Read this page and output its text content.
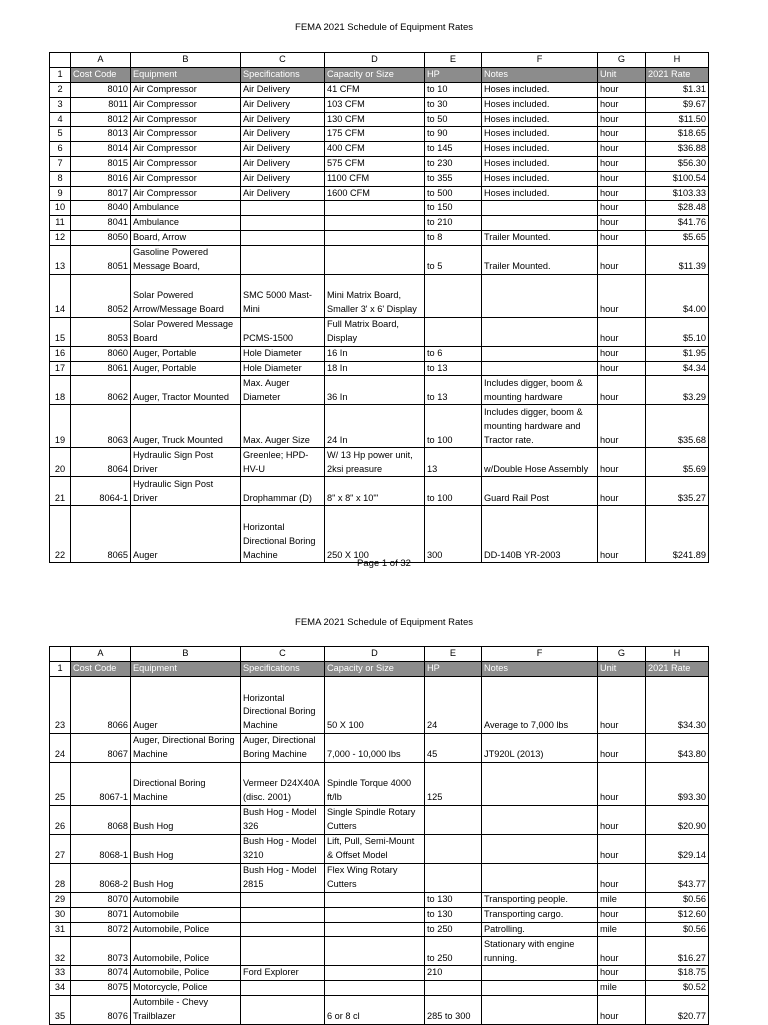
FEMA 2021 Schedule of Equipment Rates
	A	B	C	D	E	F	G	H
1	Cost Code	Equipment	Specifications	Capacity or Size	HP	Notes	Unit	2021 Rate
2	8010	Air Compressor	Air Delivery	41 CFM	to 10	Hoses included.	hour	$1.31
3	8011	Air Compressor	Air Delivery	103 CFM	to 30	Hoses included.	hour	$9.67
4	8012	Air Compressor	Air Delivery	130 CFM	to 50	Hoses included.	hour	$11.50
5	8013	Air Compressor	Air Delivery	175 CFM	to 90	Hoses included.	hour	$18.65
6	8014	Air Compressor	Air Delivery	400 CFM	to 145	Hoses included.	hour	$36.88
7	8015	Air Compressor	Air Delivery	575 CFM	to 230	Hoses included.	hour	$56.30
8	8016	Air Compressor	Air Delivery	1100 CFM	to 355	Hoses included.	hour	$100.54
9	8017	Air Compressor	Air Delivery	1600 CFM	to 500	Hoses included.	hour	$103.33
10	8040	Ambulance			to 150		hour	$28.48
11	8041	Ambulance			to 210		hour	$41.76
12	8050	Board, Arrow			to 8	Trailer Mounted.	hour	$5.65
13	8051	Gasoline Powered Message Board,			to 5	Trailer Mounted.	hour	$11.39
14	8052	Solar Powered Arrow/Message Board	SMC 5000 Mast-Mini	Mini Matrix Board, Smaller 3' x 6' Display			hour	$4.00
15	8053	Solar Powered Message Board	PCMS-1500	Full Matrix Board, Display			hour	$5.10
16	8060	Auger, Portable	Hole Diameter	16 In	to 6		hour	$1.95
17	8061	Auger, Portable	Hole Diameter	18 In	to 13		hour	$4.34
18	8062	Auger, Tractor Mounted	Max. Auger Diameter	36 In	to 13	Includes digger, boom & mounting hardware	hour	$3.29
19	8063	Auger, Truck Mounted	Max. Auger Size	24 In	to 100	Includes digger, boom & mounting hardware and Tractor rate.	hour	$35.68
20	8064	Hydraulic Sign Post Driver	Greenlee; HPD-HV-U	W/ 13 Hp power unit, 2ksi preasure	13	w/Double Hose Assembly	hour	$5.69
21	8064-1	Hydraulic Sign Post Driver	Drophammar (D)	8" x 8" x 10"'	to 100	Guard Rail Post	hour	$35.27
22	8065	Auger	Horizontal Directional Boring Machine	250 X 100	300	DD-140B YR-2003	hour	$241.89
Page 1 of 32
FEMA 2021 Schedule of Equipment Rates
	A	B	C	D	E	F	G	H
1	Cost Code	Equipment	Specifications	Capacity or Size	HP	Notes	Unit	2021 Rate
23	8066	Auger	Horizontal Directional Boring Machine	50 X 100	24	Average to 7,000 lbs	hour	$34.30
24	8067	Auger, Directional Boring Machine	Auger, Directional Boring Machine	7,000 - 10,000 lbs	45	JT920L (2013)	hour	$43.80
25	8067-1	Directional Boring Machine	Vermeer D24X40A (disc. 2001)	Spindle Torque 4000 ft/lb	125		hour	$93.30
26	8068	Bush Hog	Bush Hog - Model 326	Single Spindle Rotary Cutters			hour	$20.90
27	8068-1	Bush Hog	Bush Hog - Model 3210	Lift, Pull, Semi-Mount & Offset Model			hour	$29.14
28	8068-2	Bush Hog	Bush Hog - Model 2815	Flex Wing Rotary Cutters			hour	$43.77
29	8070	Automobile			to 130	Transporting people.	mile	$0.56
30	8071	Automobile			to 130	Transporting cargo.	hour	$12.60
31	8072	Automobile, Police			to 250	Patrolling.	mile	$0.56
32	8073	Automobile, Police			to 250	Stationary with engine running.	hour	$16.27
33	8074	Automobile, Police	Ford Explorer		210		hour	$18.75
34	8075	Motorcycle, Police					mile	$0.52
35	8076	Autombile - Chevy Trailblazer		6 or 8 cl	285 to 300		hour	$20.77
